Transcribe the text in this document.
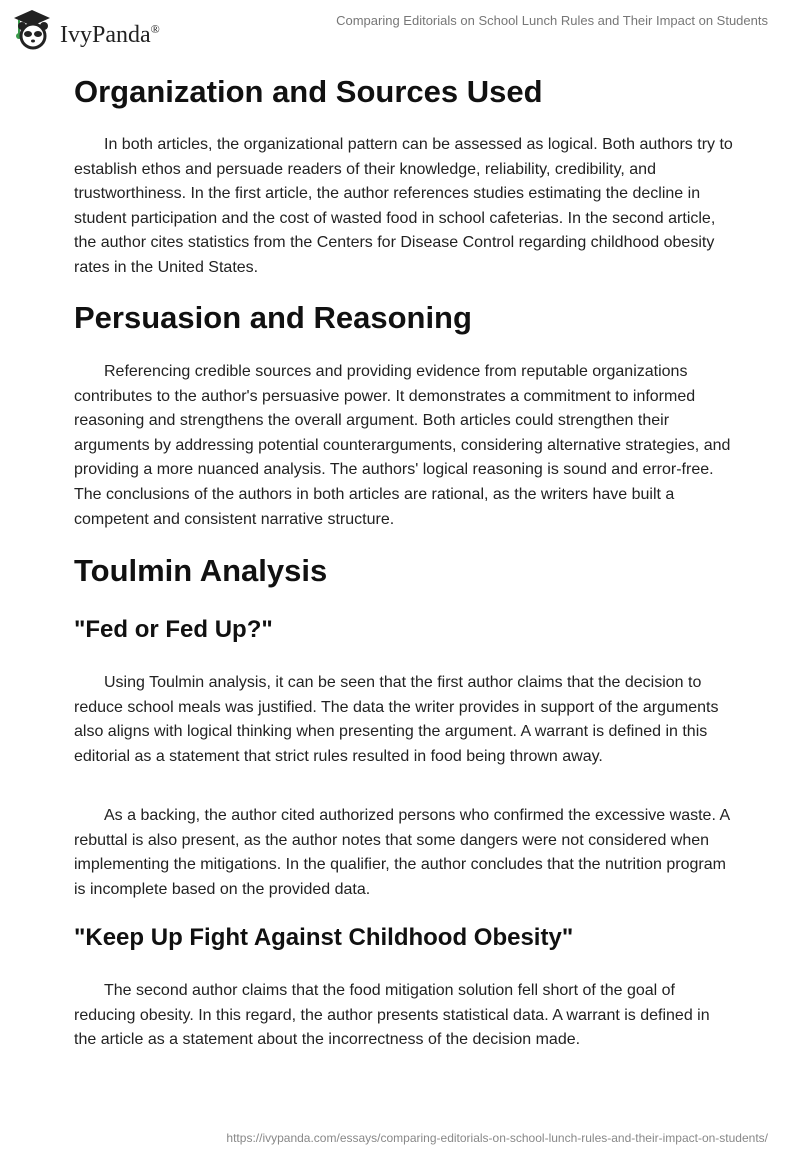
IvyPanda®
Comparing Editorials on School Lunch Rules and Their Impact on Students
Organization and Sources Used

In both articles, the organizational pattern can be assessed as logical. Both authors try to establish ethos and persuade readers of their knowledge, reliability, credibility, and trustworthiness. In the first article, the author references studies estimating the decline in student participation and the cost of wasted food in school cafeterias. In the second article, the author cites statistics from the Centers for Disease Control regarding childhood obesity rates in the United States.

Persuasion and Reasoning

Referencing credible sources and providing evidence from reputable organizations contributes to the author's persuasive power. It demonstrates a commitment to informed reasoning and strengthens the overall argument. Both articles could strengthen their arguments by addressing potential counterarguments, considering alternative strategies, and providing a more nuanced analysis. The authors' logical reasoning is sound and error-free. The conclusions of the authors in both articles are rational, as the writers have built a competent and consistent narrative structure.

Toulmin Analysis
"Fed or Fed Up?"

Using Toulmin analysis, it can be seen that the first author claims that the decision to reduce school meals was justified. The data the writer provides in support of the arguments also aligns with logical thinking when presenting the argument. A warrant is defined in this editorial as a statement that strict rules resulted in food being thrown away.

As a backing, the author cited authorized persons who confirmed the excessive waste. A rebuttal is also present, as the author notes that some dangers were not considered when implementing the mitigations. In the qualifier, the author concludes that the nutrition program is incomplete based on the provided data.

"Keep Up Fight Against Childhood Obesity"

The second author claims that the food mitigation solution fell short of the goal of reducing obesity. In this regard, the author presents statistical data. A warrant is defined in the article as a statement about the incorrectness of the decision made.

https://ivypanda.com/essays/comparing-editorials-on-school-lunch-rules-and-their-impact-on-students/
